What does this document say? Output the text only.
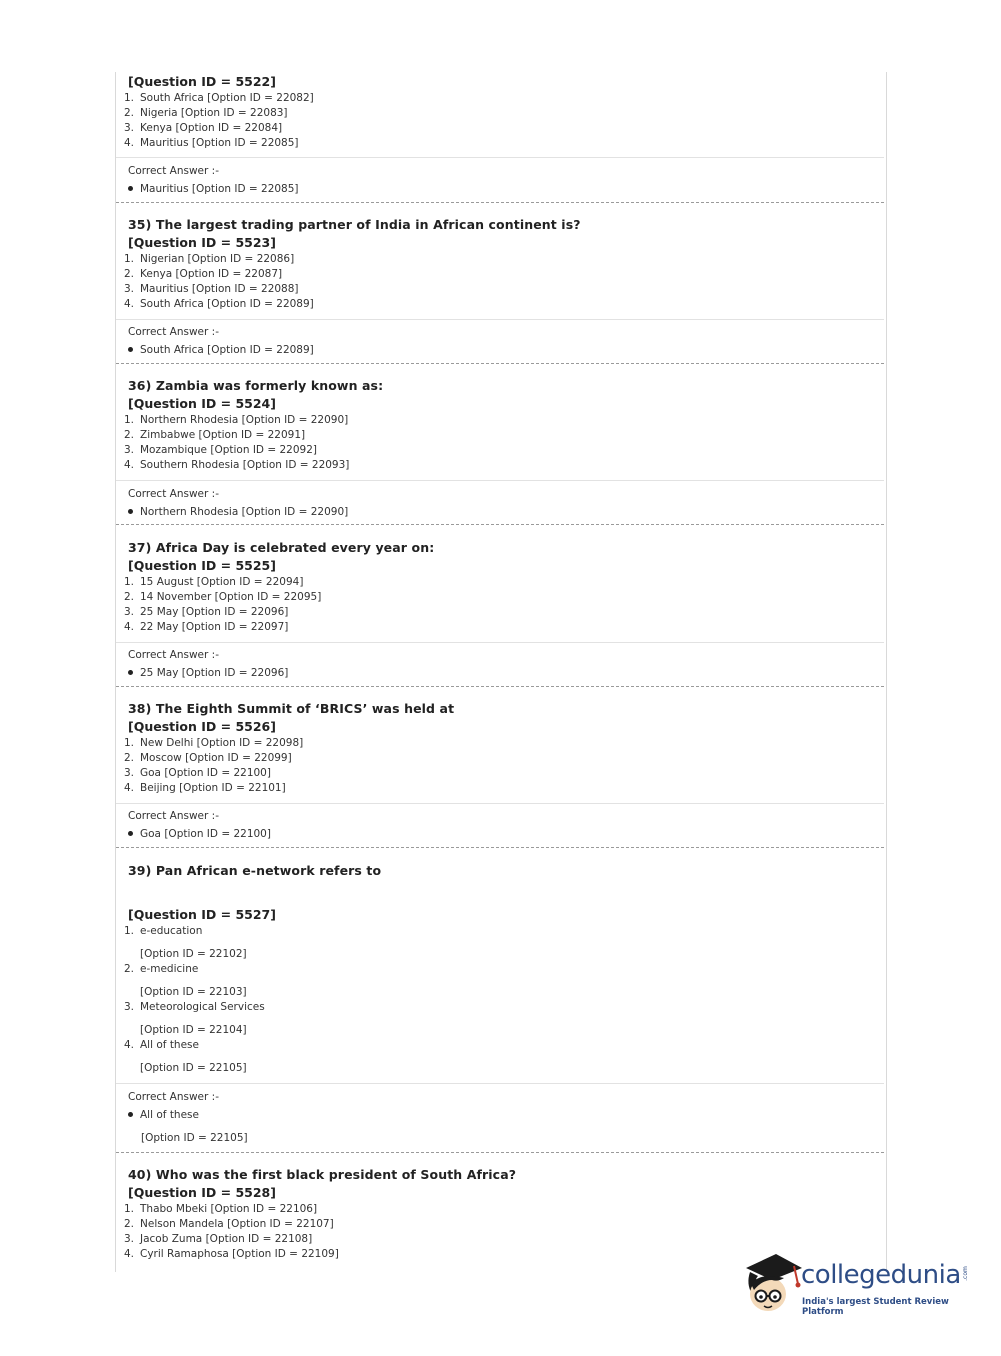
[Question ID = 5522]
1. South Africa [Option ID = 22082]
2. Nigeria [Option ID = 22083]
3. Kenya [Option ID = 22084]
4. Mauritius [Option ID = 22085]
Correct Answer :-
Mauritius [Option ID = 22085]
35) The largest trading partner of India in African continent is?
[Question ID = 5523]
1. Nigerian [Option ID = 22086]
2. Kenya [Option ID = 22087]
3. Mauritius [Option ID = 22088]
4. South Africa [Option ID = 22089]
Correct Answer :-
South Africa [Option ID = 22089]
36) Zambia was formerly known as:
[Question ID = 5524]
1. Northern Rhodesia [Option ID = 22090]
2. Zimbabwe [Option ID = 22091]
3. Mozambique [Option ID = 22092]
4. Southern Rhodesia [Option ID = 22093]
Correct Answer :-
Northern Rhodesia [Option ID = 22090]
37) Africa Day is celebrated every year on:
[Question ID = 5525]
1. 15 August [Option ID = 22094]
2. 14 November [Option ID = 22095]
3. 25 May [Option ID = 22096]
4. 22 May [Option ID = 22097]
Correct Answer :-
25 May [Option ID = 22096]
38) The Eighth Summit of ‘BRICS’ was held at
[Question ID = 5526]
1. New Delhi [Option ID = 22098]
2. Moscow [Option ID = 22099]
3. Goa [Option ID = 22100]
4. Beijing [Option ID = 22101]
Correct Answer :-
Goa [Option ID = 22100]
39) Pan African e-network refers to
[Question ID = 5527]
1. e-education
[Option ID = 22102]
2. e-medicine
[Option ID = 22103]
3. Meteorological Services
[Option ID = 22104]
4. All of these
[Option ID = 22105]
Correct Answer :-
All of these
[Option ID = 22105]
40) Who was the first black president of South Africa?
[Question ID = 5528]
1. Thabo Mbeki [Option ID = 22106]
2. Nelson Mandela [Option ID = 22107]
3. Jacob Zuma [Option ID = 22108]
4. Cyril Ramaphosa [Option ID = 22109]
collegedunia .com
India's largest Student Review Platform
